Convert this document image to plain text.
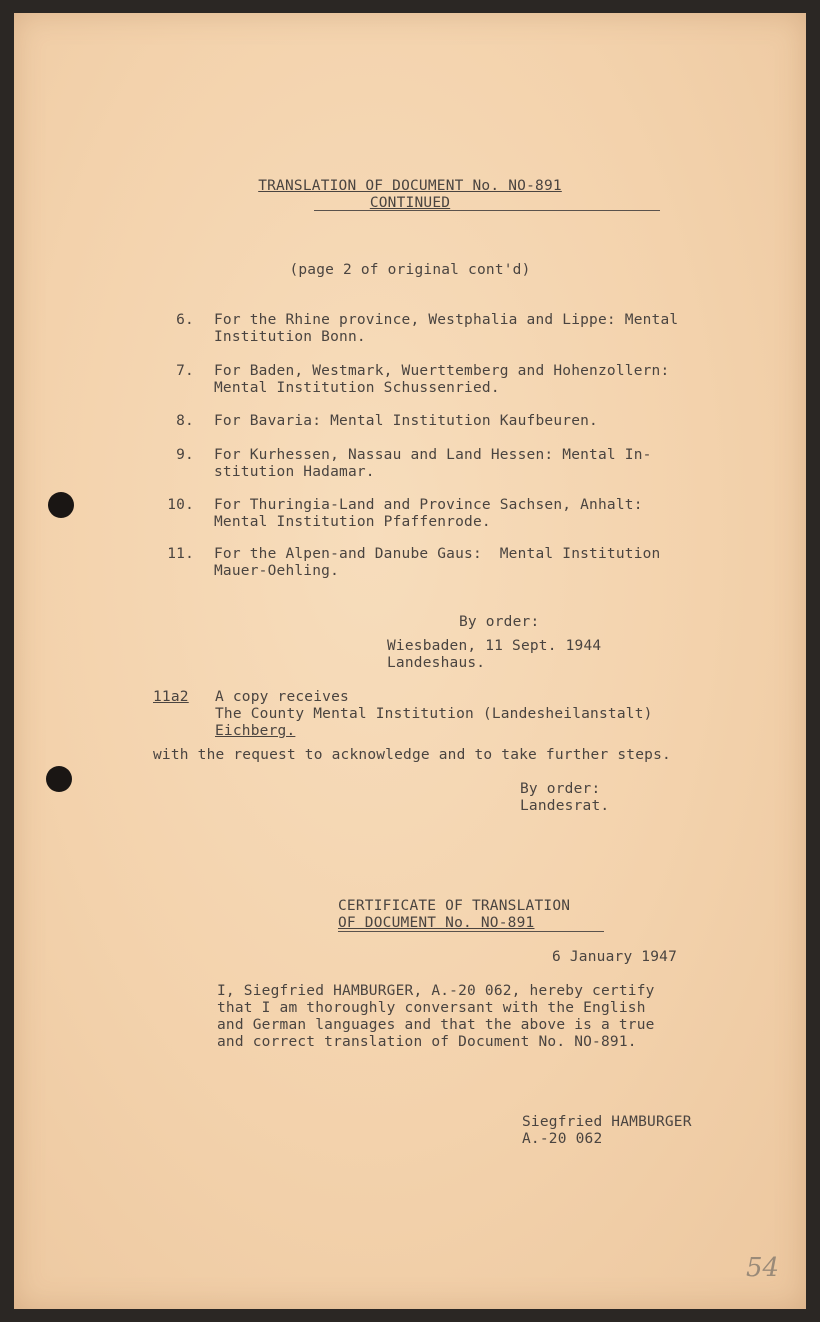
TRANSLATION OF DOCUMENT No. NO-891
CONTINUED
(page 2 of original cont'd)
6. For the Rhine province, Westphalia and Lippe: Mental
Institution Bonn.
7. For Baden, Westmark, Wuerttemberg and Hohenzollern:
Mental Institution Schussenried.
8. For Bavaria: Mental Institution Kaufbeuren.
9. For Kurhessen, Nassau and Land Hessen: Mental In-
stitution Hadamar.
10. For Thuringia-Land and Province Sachsen, Anhalt:
Mental Institution Pfaffenrode.
11. For the Alpen-and Danube Gaus:  Mental Institution
Mauer-Oehling.
By order:
Wiesbaden, 11 Sept. 1944
Landeshaus.
11a2 A copy receives
The County Mental Institution (Landesheilanstalt)
Eichberg.
with the request to acknowledge and to take further steps.
By order:
Landesrat.
CERTIFICATE OF TRANSLATION
OF DOCUMENT No. NO-891
6 January 1947
I, Siegfried HAMBURGER, A.-20 062, hereby certify
that I am thoroughly conversant with the English
and German languages and that the above is a true
and correct translation of Document No. NO-891.
Siegfried HAMBURGER
A.-20 062
54
